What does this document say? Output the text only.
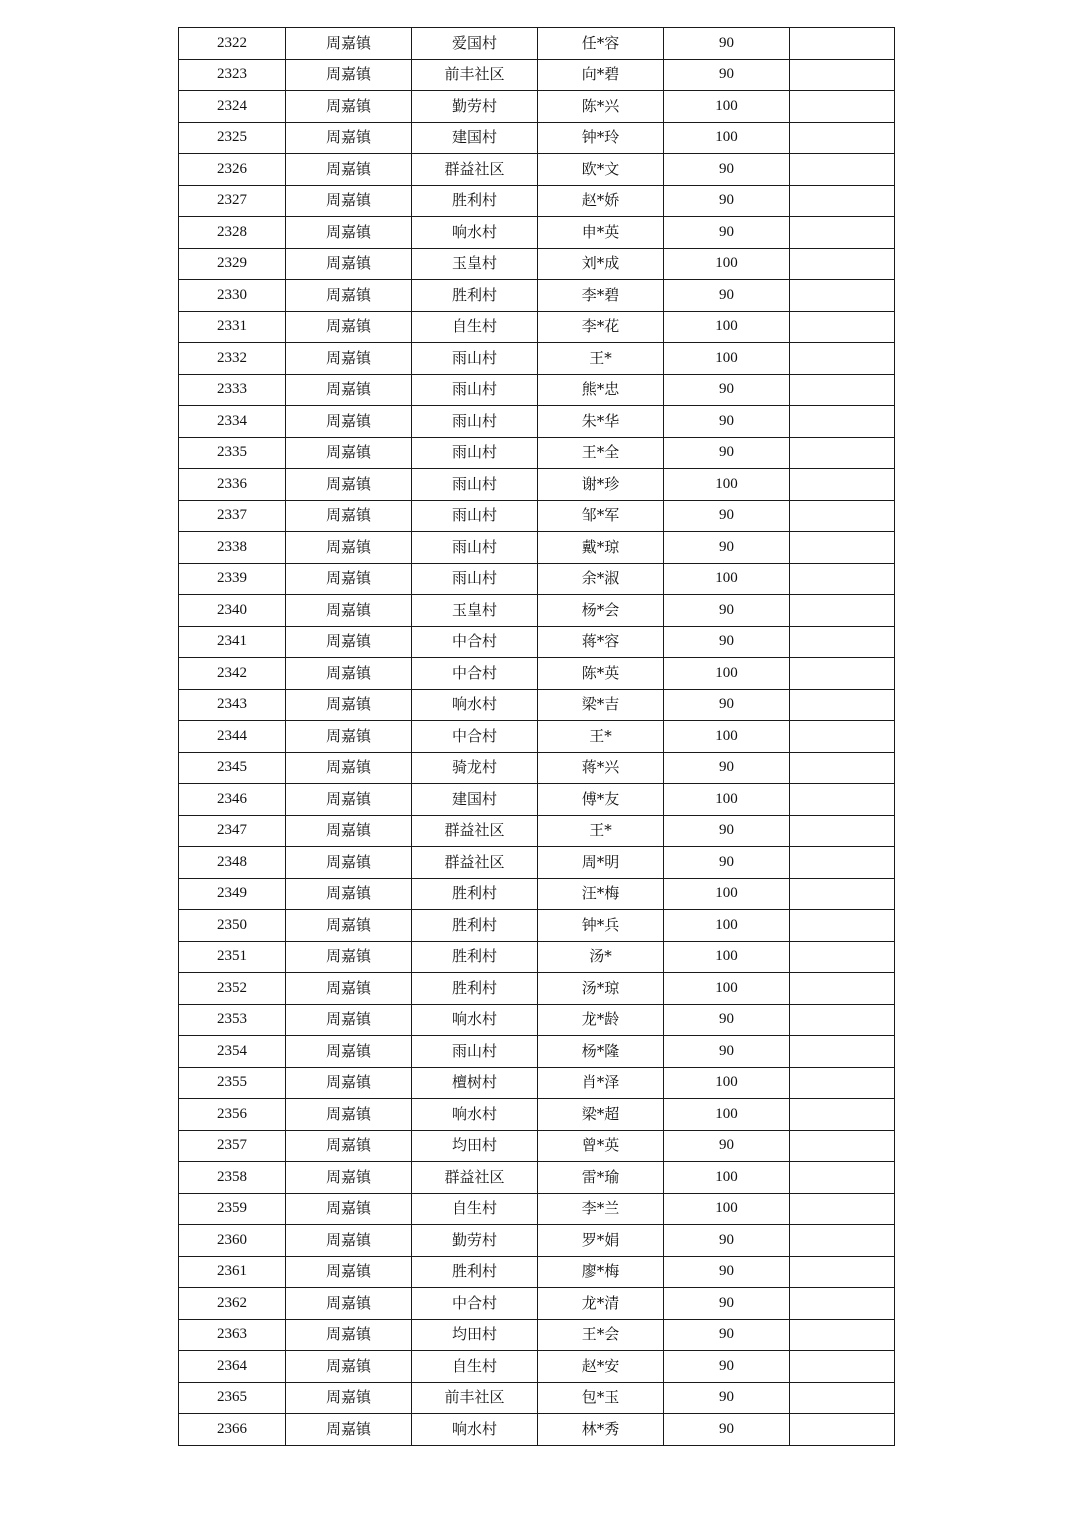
2322	周嘉镇	爱国村	任*容	90	
2323	周嘉镇	前丰社区	向*碧	90	
2324	周嘉镇	勤劳村	陈*兴	100	
2325	周嘉镇	建国村	钟*玲	100	
2326	周嘉镇	群益社区	欧*文	90	
2327	周嘉镇	胜利村	赵*娇	90	
2328	周嘉镇	响水村	申*英	90	
2329	周嘉镇	玉皇村	刘*成	100	
2330	周嘉镇	胜利村	李*碧	90	
2331	周嘉镇	自生村	李*花	100	
2332	周嘉镇	雨山村	王*	100	
2333	周嘉镇	雨山村	熊*忠	90	
2334	周嘉镇	雨山村	朱*华	90	
2335	周嘉镇	雨山村	王*全	90	
2336	周嘉镇	雨山村	谢*珍	100	
2337	周嘉镇	雨山村	邹*军	90	
2338	周嘉镇	雨山村	戴*琼	90	
2339	周嘉镇	雨山村	余*淑	100	
2340	周嘉镇	玉皇村	杨*会	90	
2341	周嘉镇	中合村	蒋*容	90	
2342	周嘉镇	中合村	陈*英	100	
2343	周嘉镇	响水村	梁*吉	90	
2344	周嘉镇	中合村	王*	100	
2345	周嘉镇	骑龙村	蒋*兴	90	
2346	周嘉镇	建国村	傅*友	100	
2347	周嘉镇	群益社区	王*	90	
2348	周嘉镇	群益社区	周*明	90	
2349	周嘉镇	胜利村	汪*梅	100	
2350	周嘉镇	胜利村	钟*兵	100	
2351	周嘉镇	胜利村	汤*	100	
2352	周嘉镇	胜利村	汤*琼	100	
2353	周嘉镇	响水村	龙*龄	90	
2354	周嘉镇	雨山村	杨*隆	90	
2355	周嘉镇	檀树村	肖*泽	100	
2356	周嘉镇	响水村	梁*超	100	
2357	周嘉镇	均田村	曾*英	90	
2358	周嘉镇	群益社区	雷*瑜	100	
2359	周嘉镇	自生村	李*兰	100	
2360	周嘉镇	勤劳村	罗*娟	90	
2361	周嘉镇	胜利村	廖*梅	90	
2362	周嘉镇	中合村	龙*清	90	
2363	周嘉镇	均田村	王*会	90	
2364	周嘉镇	自生村	赵*安	90	
2365	周嘉镇	前丰社区	包*玉	90	
2366	周嘉镇	响水村	林*秀	90	
